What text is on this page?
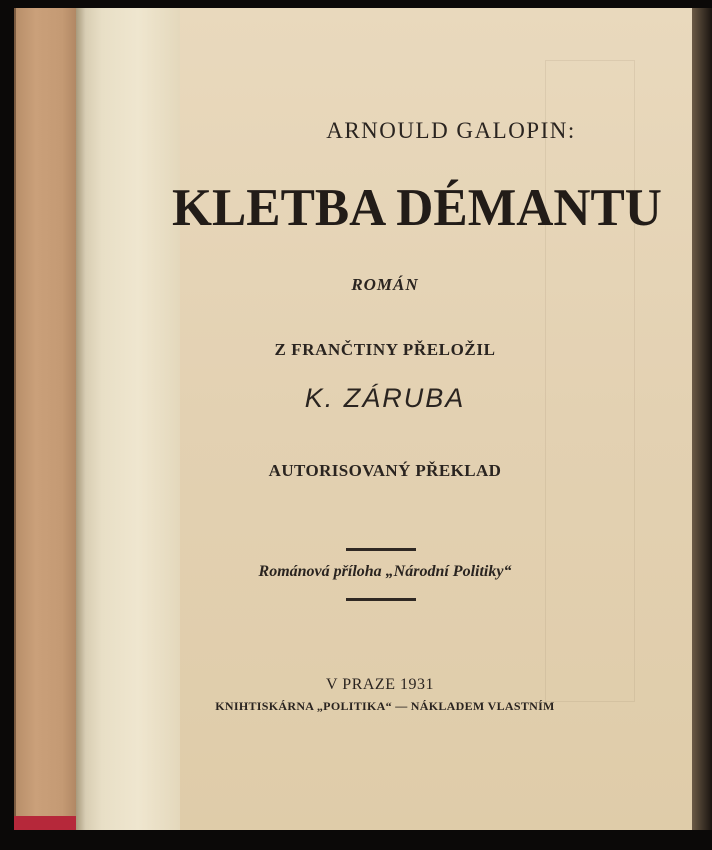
ARNOULD GALOPIN:
KLETBA DÉMANTU
ROMÁN
Z FRANČTINY PŘELOŽIL
K. ZÁRUBA
AUTORISOVANÝ PŘEKLAD
Románová příloha „Národní Politiky“
V PRAZE 1931
KNIHTISKÁRNA „POLITIKA“ — NÁKLADEM VLASTNÍM
